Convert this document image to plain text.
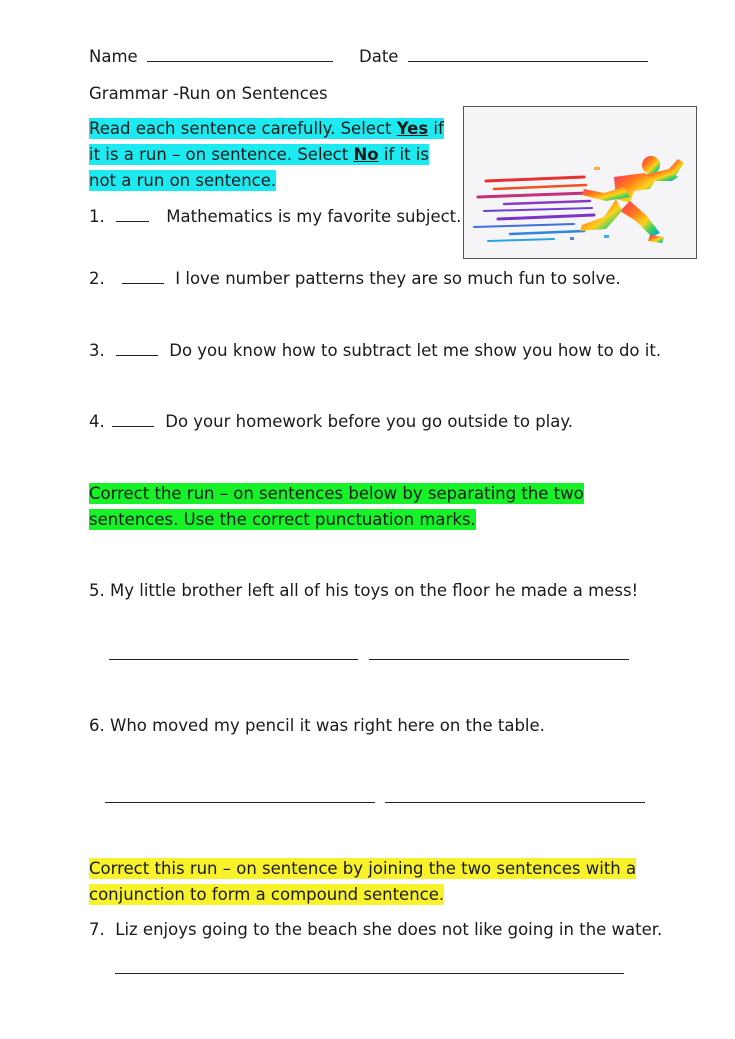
Name	Date
Grammar -Run on Sentences
Read each sentence carefully. Select Yes if
it is a run – on sentence. Select No if it is
not a run on sentence.
1.	Mathematics is my favorite subject.
2.	I love number patterns they are so much fun to solve.
3.	Do you know how to subtract let me show you how to do it.
4.	Do your homework before you go outside to play.
Correct the run – on sentences below by separating the two
sentences. Use the correct punctuation marks.
5. My little brother left all of his toys on the floor he made a mess!
6. Who moved my pencil it was right here on the table.
Correct this run – on sentence by joining the two sentences with a
conjunction to form a compound sentence.
7. Liz enjoys going to the beach she does not like going in the water.
